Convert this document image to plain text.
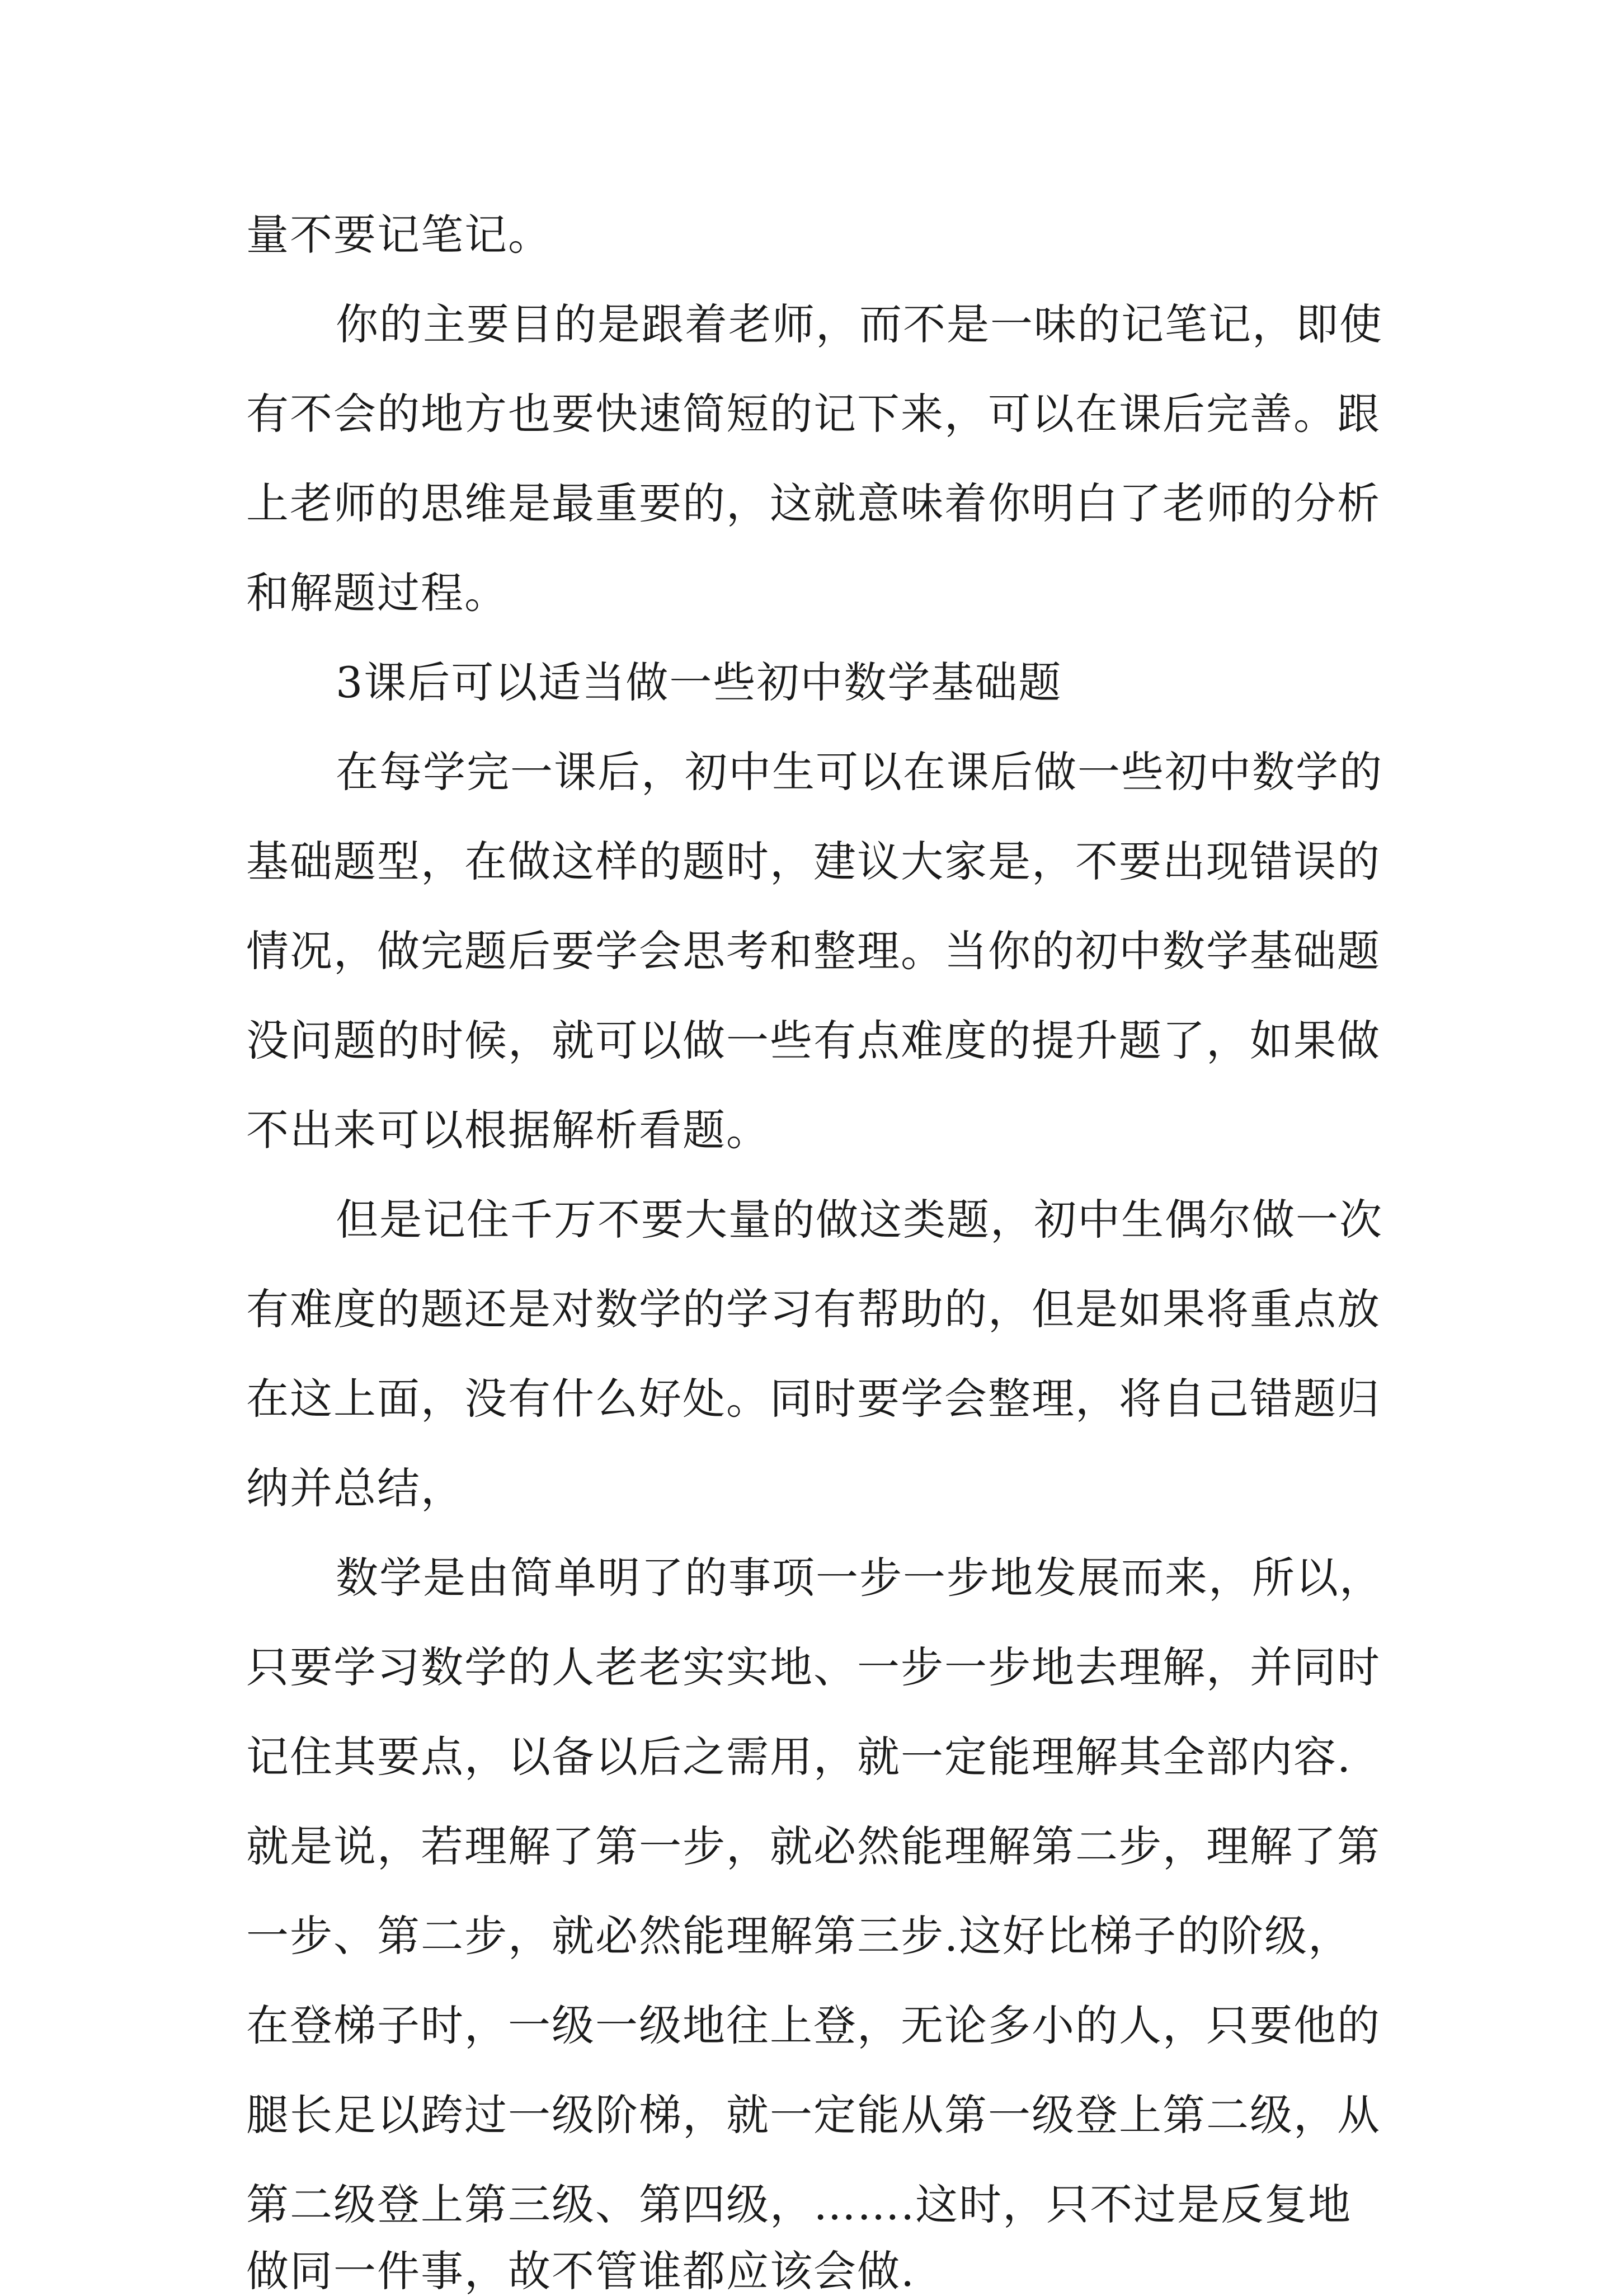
量不要记笔记。

你的主要目的是跟着老师，而不是一味的记笔记，即使

有不会的地方也要快速简短的记下来，可以在课后完善。跟

上老师的思维是最重要的，这就意味着你明白了老师的分析

和解题过程。

3课后可以适当做一些初中数学基础题

在每学完一课后，初中生可以在课后做一些初中数学的

基础题型，在做这样的题时，建议大家是，不要出现错误的

情况，做完题后要学会思考和整理。当你的初中数学基础题

没问题的时候，就可以做一些有点难度的提升题了，如果做

不出来可以根据解析看题。

但是记住千万不要大量的做这类题，初中生偶尔做一次

有难度的题还是对数学的学习有帮助的，但是如果将重点放

在这上面，没有什么好处。同时要学会整理，将自己错题归

纳并总结，

数学是由简单明了的事项一步一步地发展而来，所以，

只要学习数学的人老老实实地、一步一步地去理解，并同时

记住其要点，以备以后之需用，就一定能理解其全部内容.

就是说，若理解了第一步，就必然能理解第二步，理解了第

一步、第二步，就必然能理解第三步.这好比梯子的阶级，

在登梯子时，一级一级地往上登，无论多小的人，只要他的

腿长足以跨过一级阶梯，就一定能从第一级登上第二级，从

第二级登上第三级、第四级，…….这时，只不过是反复地

做同一件事，故不管谁都应该会做.
